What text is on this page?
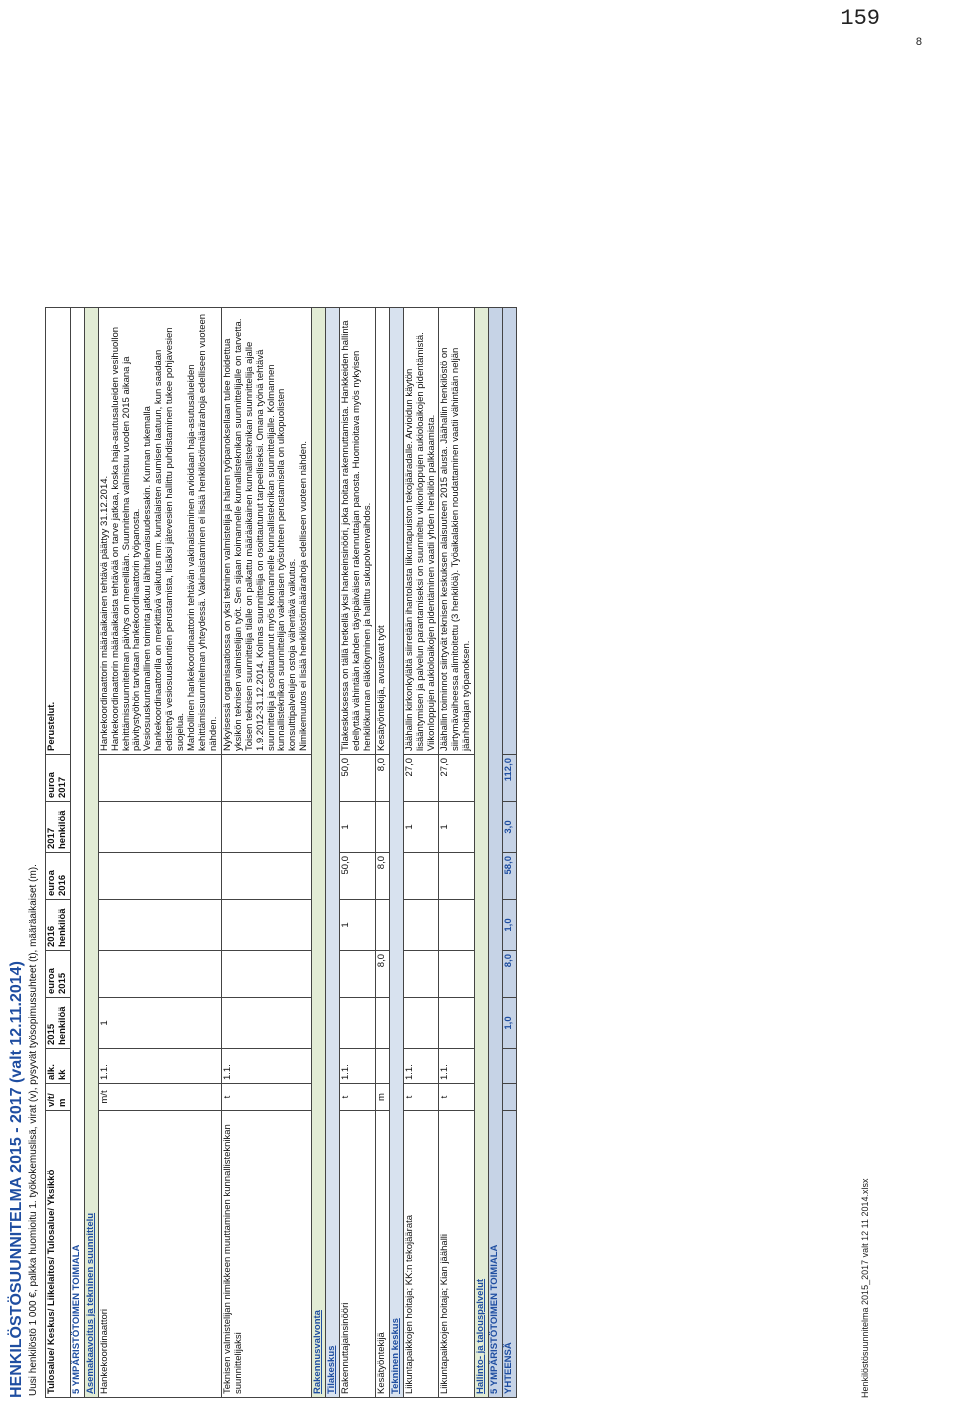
159
8
HENKILÖSTÖSUUNNITELMA 2015 - 2017 (valt 12.11.2014) Uusi henkilöstö 1 000 €, palkka huomioitu 1. työkokemuslisä, virat (v), pysyvät työsopimussuhteet (t), määräaikaiset (m). Tulosalue/ Keskus/ Liikelaitos/ Tulosalue/ Yksikkö	v/t/ m	alk. kk	2015 henkilöä	euroa 2015	2016 henkilöä	euroa 2016	2017 henkilöä	euroa 2017	Perustelut.
5 YMPÄRISTÖTOIMEN TOIMIALA									
Asemakaavoitus ja tekninen suunnittelu									
Hankekoordinaattori	m/t	1.1.	1						Hankekoordinaattorin määräaikainen tehtävä päättyy 31.12.2014. Hankekoordinaattorin määräaikaista tehtävää on tarve jatkaa, koska haja-asutusalueiden vesihuollon kehittämissuunnitelman päivitys on meneillään. Suunnitelma valmistuu vuoden 2015 aikana ja päivitystyöhön tarvitaan hankekoordinaattorin työpanosta. Vesiosuuskuntamallinen toiminta jatkuu lähitulevaisuudessakin. Kunnan tukemalla hankekoordinaattorilla on merkittävä vaikutus mm. kuntalaisten asumisen laatuun, kun saadaan edistettyä vesiosuuskuntien perustamista, lisäksi jätevesien hallittu puhdistaminen tukee pohjavesien suojelua. Mahdollinen hankekoordinaattorin tehtävän vakinaistaminen arvioidaan haja-asutusalueiden kehittämissuunnitelman yhteydessä. Vakinaistaminen ei lisää henkilöstömäärärahoja edelliseen vuoteen nähden.

Teknisen valmistelijan nimikkeen muuttaminen kunnallisteknikan suunnittelijaksi	t	1.1.							Nykyisessä organisaatiossa on yksi tekninen valmistelija ja hänen työpanoksellaan tulee hoidettua yksikön teknisen valmistelijan työt. Sen sijaan koimannelle kunnallisteknikan suunnittelijalle on tarvetta. Toisen teknisen suunnittelija tilalle on palkattu määräaikainen kunnallisteknikan suunnittelija ajalle 1.9.2012-31.12.2014. Kolmas suunnittelija on osoittautunut tarpeelliseksi. Omana työnä tehtävä suunnittelija ja osoittautunut myös kolmannelle kunnallisteknikan suunnittelijalle. Kolmannen kunnallisteknikan suunnittelijan vakinaisen työsuhteen perustamisella on ulkopuolisten konsulttipalvelujen ostoja vähentävä vaikutus. Nimikemuutos ei lisää henkilöstömäärärahoja edelliseen vuoteen nähden.

Rakennusvalvonta									
Tilakeskus									
Rakennuttajainsinööri	t	1.1.			1	50,0	1	50,0	Tilakeskuksessa on tällä hetkellä yksi hankeinsinööri, joka hoitaa rakennuttamista. Hankkeiden hallinta edellyttää vähintään kahden täysipäiväisen rakennuttajan panosta. Huomioitava myös nykyisen henkilökunnan eläköityminen ja hallittu sukupolvenvaihdos.

Kesätyöntekijä	m			8,0		8,0		8,0	Kesätyöntekijä, avustavat työt

Tekninen keskus									
Liikuntapaikkojen hoitaja; KK:n tekojäärata	t	1.1.					1	27,0	Jäähallin kirkonkylältä siirretään ihantolasta liikuntapuiston tekojääradalle. Arvioidun käytön lisääntymisen ja palvelun parantamiseksi on suunniteltu viikonloppujen aukioloaikojen pidentämistä. Viikonloppujen aukioloaikojen pidentäminen vaatii yhden henkilön palkkaamista.

Liikuntapaikkojen hoitaja; Kian jäähalli	t	1.1.					1	27,0	Jäähallin toiminnot siirtyvät teknisen keskuksen alaisuuteen 2015 alusta. Jäähallin henkilöstö on siirtymävaiheessa alimitoitettu (3 henkilöä). Työaikalakien noudattaminen vaatii vähintään neljän jäänhoitajan työpanoksen.

Hallinto- ja talouspalvelut									
5 YMPÄRISTÖTOIMEN TOIMIALA									
YHTEENSÄ			1,0	8,0	1,0	58,0	3,0	112,0	
Henkilöstösuunnitelma 2015_2017 valt 12 11 2014.xlsx
